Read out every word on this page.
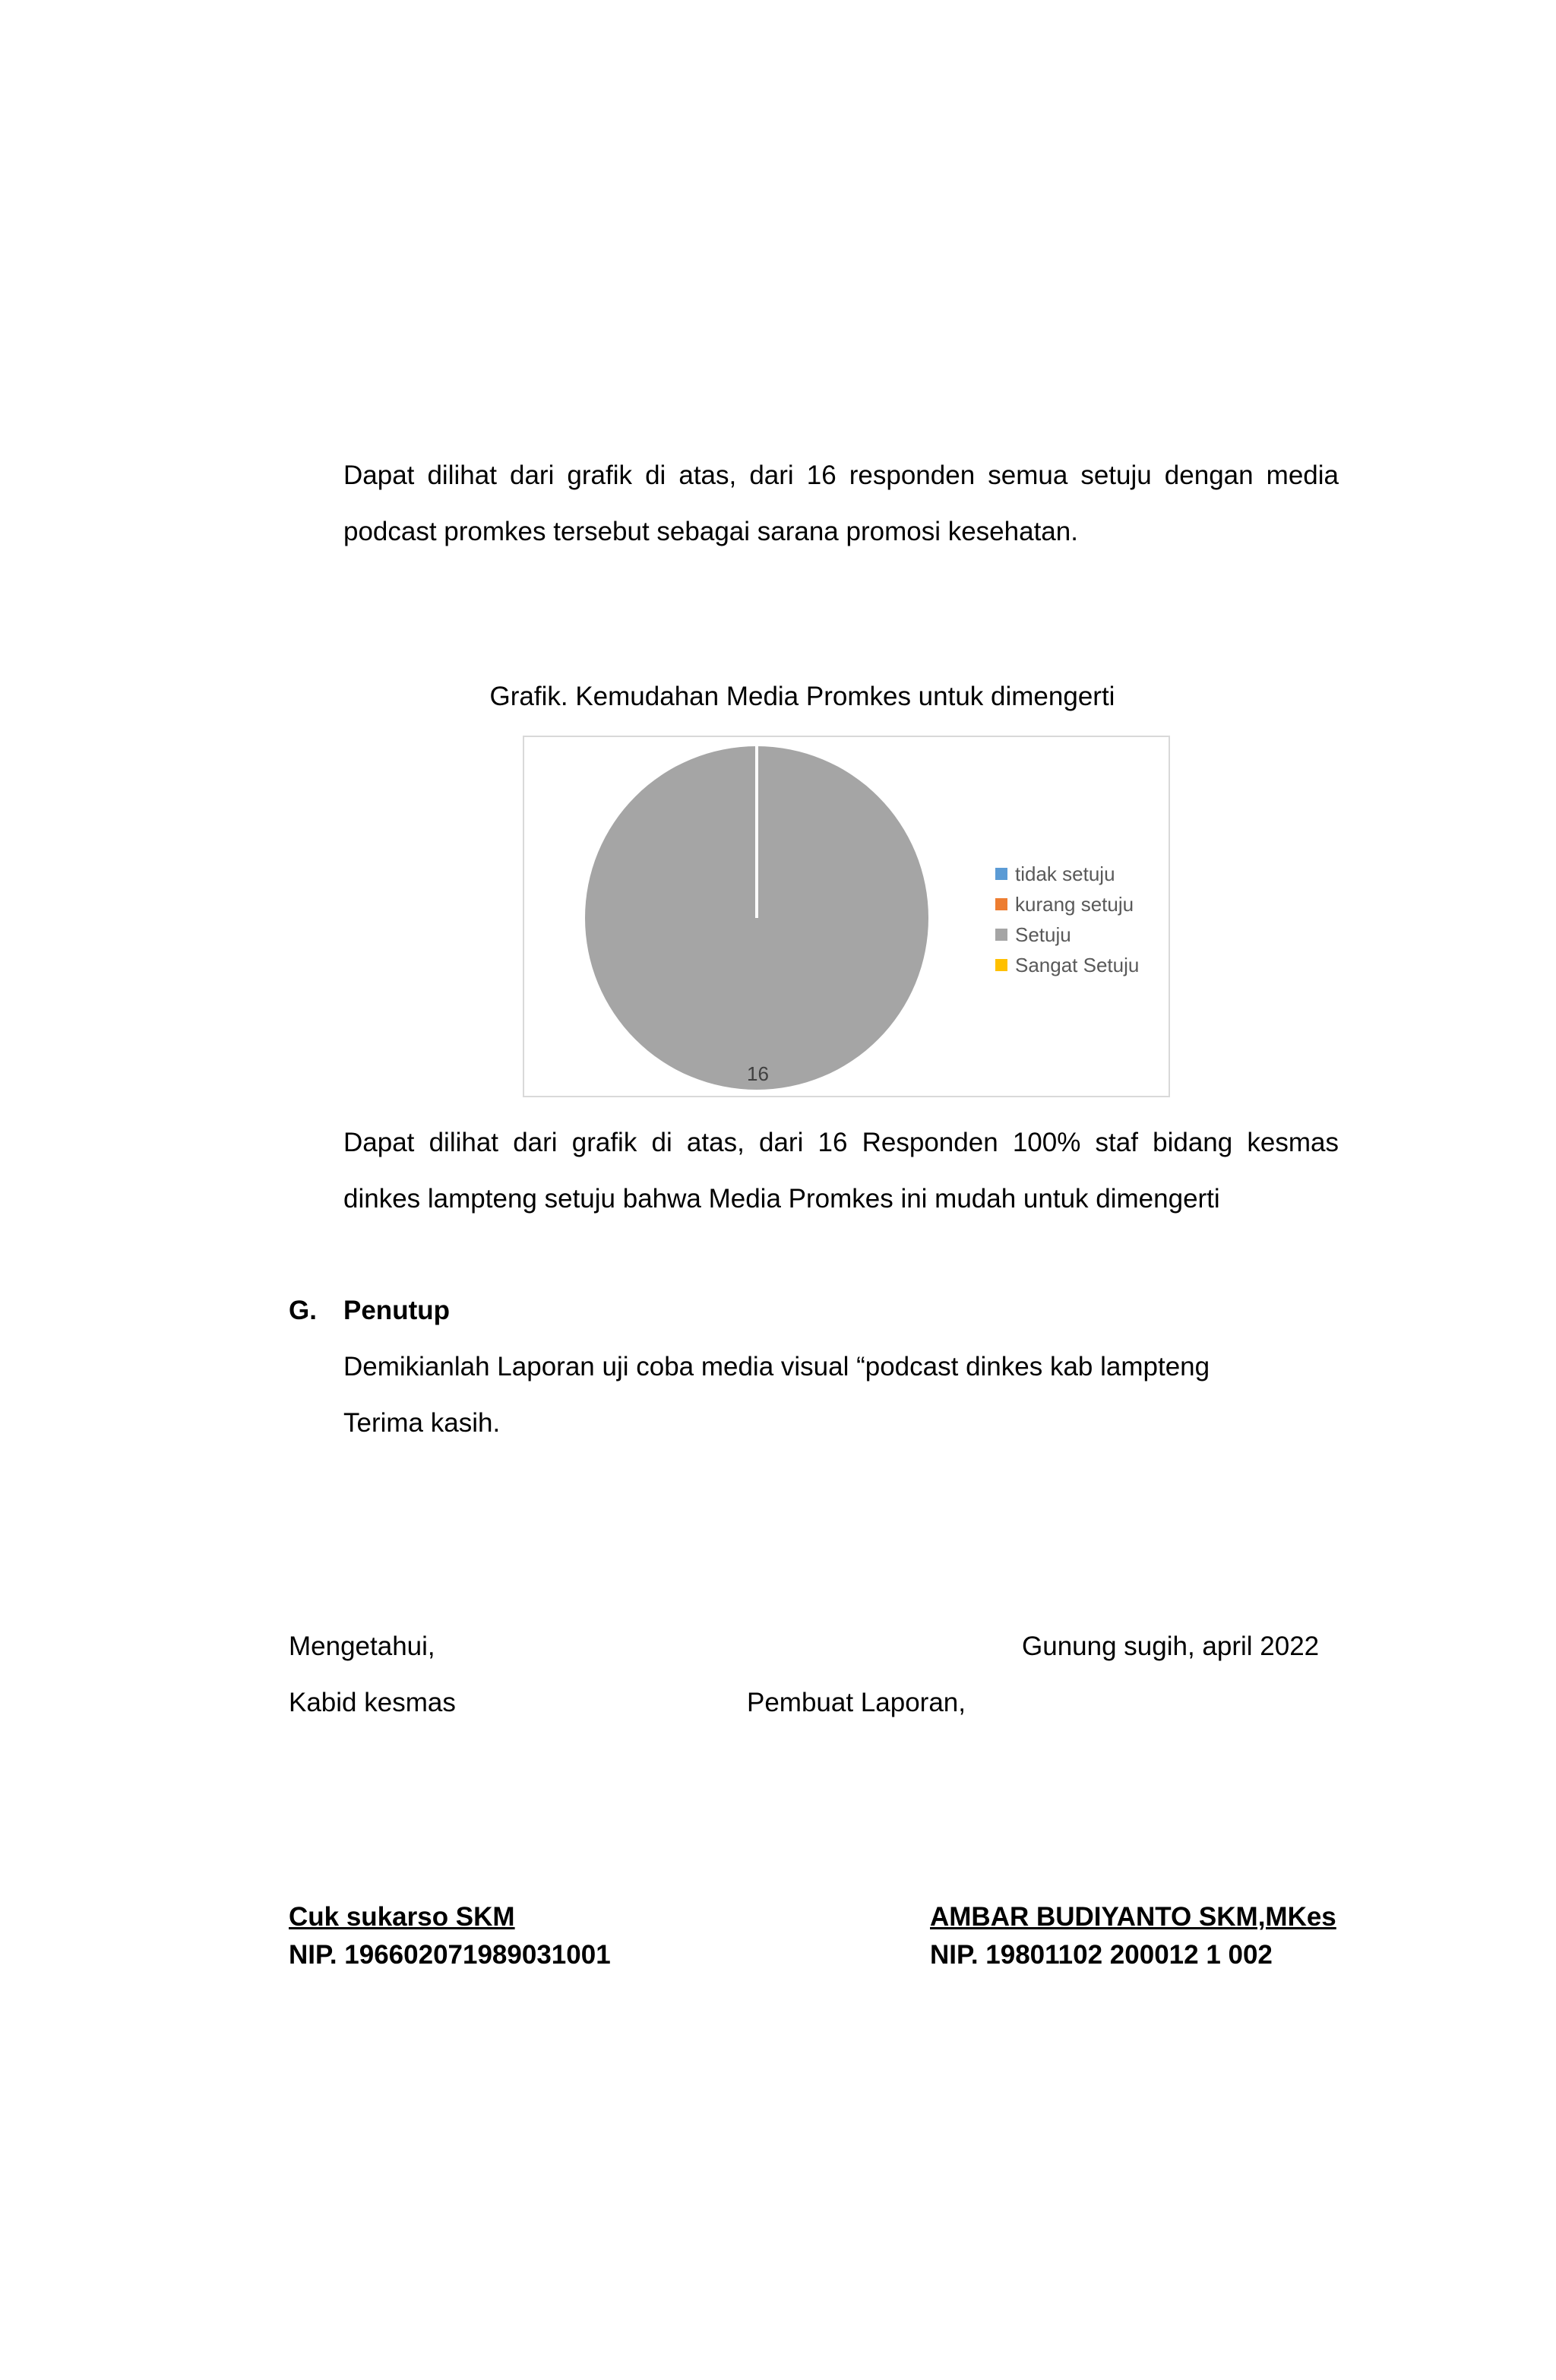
Dapat dilihat dari grafik di atas, dari 16 responden semua setuju dengan media

podcast promkes tersebut sebagai sarana promosi kesehatan.

Grafik. Kemudahan Media Promkes untuk dimengerti
16
tidak setuju
kurang setuju
Setuju
Sangat Setuju

Dapat dilihat dari grafik di atas, dari 16 Responden 100% staf bidang kesmas

dinkes lampteng setuju bahwa Media Promkes ini mudah untuk dimengerti

G. Penutup

Demikianlah Laporan uji coba media visual “podcast dinkes kab lampteng

Terima kasih.

Mengetahui,	Gunung sugih, april 2022

Kabid kesmas	Pembuat Laporan,

Cuk sukarso SKM

NIP. 196602071989031001

AMBAR BUDIYANTO SKM,MKes

NIP. 19801102 200012 1 002
